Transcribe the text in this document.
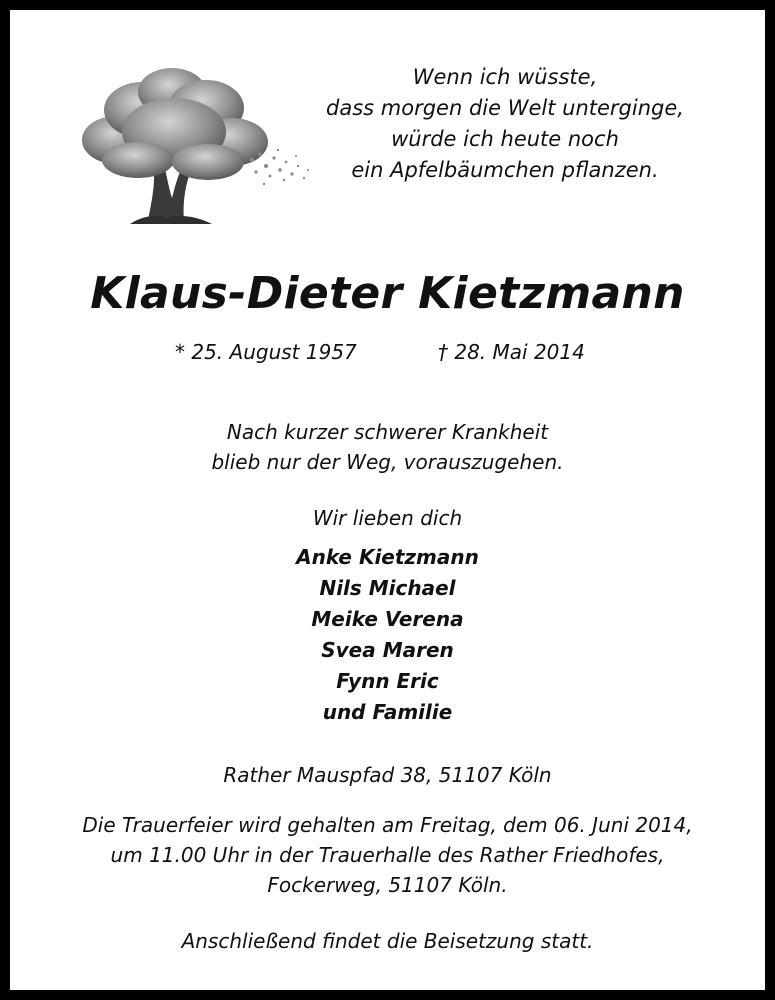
Wenn ich wüsste,
dass morgen die Welt unterginge,
würde ich heute noch
ein Apfelbäumchen pflanzen.
Klaus-Dieter Kietzmann
* 25. August 1957	† 28. Mai 2014
Nach kurzer schwerer Krankheit
blieb nur der Weg, vorauszugehen.
Wir lieben dich
Anke Kietzmann
Nils Michael
Meike Verena
Svea Maren
Fynn Eric
und Familie
Rather Mauspfad 38, 51107 Köln
Die Trauerfeier wird gehalten am Freitag, dem 06. Juni 2014,
um 11.00 Uhr in der Trauerhalle des Rather Friedhofes,
Fockerweg, 51107 Köln.
Anschließend findet die Beisetzung statt.
